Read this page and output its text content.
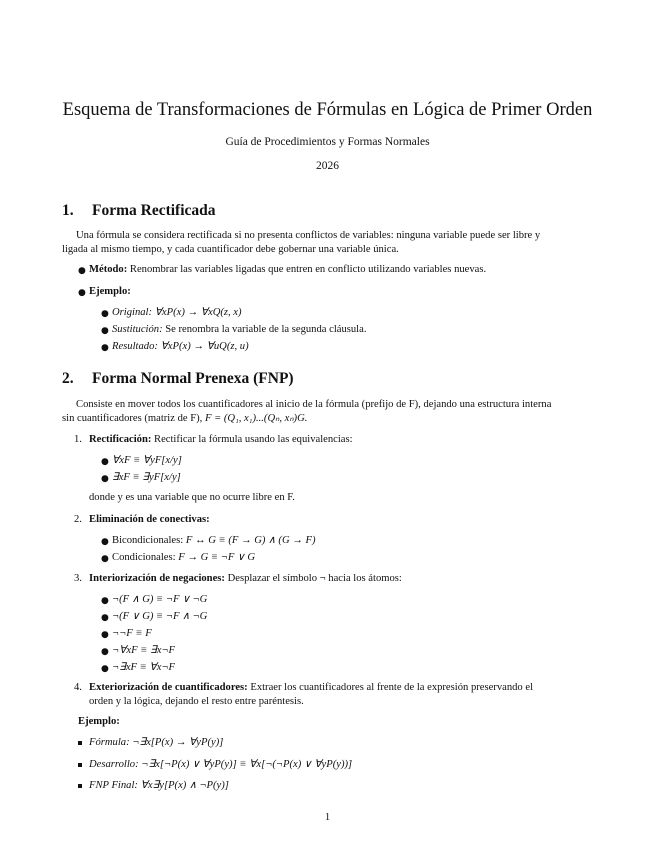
Esquema de Transformaciones de Fórmulas en Lógica de Primer Orden
Guía de Procedimientos y Formas Normales
2026
1. Forma Rectificada
Una fórmula se considera rectificada si no presenta conflictos de variables: ninguna variable puede ser libre y
ligada al mismo tiempo, y cada cuantificador debe gobernar una variable única.
● Método: Renombrar las variables ligadas que entren en conflicto utilizando variables nuevas.
● Ejemplo:
● Original: ∀xP(x) → ∀xQ(z, x)
● Sustitución: Se renombra la variable de la segunda cláusula.
● Resultado: ∀xP(x) → ∀uQ(z, u)
2. Forma Normal Prenexa (FNP)
Consiste en mover todos los cuantificadores al inicio de la fórmula (prefijo de F), dejando una estructura interna
sin cuantificadores (matriz de F), F = (Q₁, x₁)...(Qₙ, xₙ)G.
1. Rectificación: Rectificar la fórmula usando las equivalencias:
● ∀xF ≡ ∀yF[x/y]
● ∃xF ≡ ∃yF[x/y]
donde y es una variable que no ocurre libre en F.
2. Eliminación de conectivas:
● Bicondicionales: F ↔ G ≡ (F → G) ∧ (G → F)
● Condicionales: F → G ≡ ¬F ∨ G
3. Interiorización de negaciones: Desplazar el símbolo ¬ hacia los átomos:
● ¬(F ∧ G) ≡ ¬F ∨ ¬G
● ¬(F ∨ G) ≡ ¬F ∧ ¬G
● ¬¬F ≡ F
● ¬∀xF ≡ ∃x¬F
● ¬∃xF ≡ ∀x¬F
4. Exteriorización de cuantificadores: Extraer los cuantificadores al frente de la expresión preservando el
orden y la lógica, dejando el resto entre paréntesis.
Ejemplo:
Fórmula: ¬∃x[P(x) → ∀yP(y)]
Desarrollo: ¬∃x[¬P(x) ∨ ∀yP(y)] ≡ ∀x[¬(¬P(x) ∨ ∀yP(y))]
FNP Final: ∀x∃y[P(x) ∧ ¬P(y)]
1
